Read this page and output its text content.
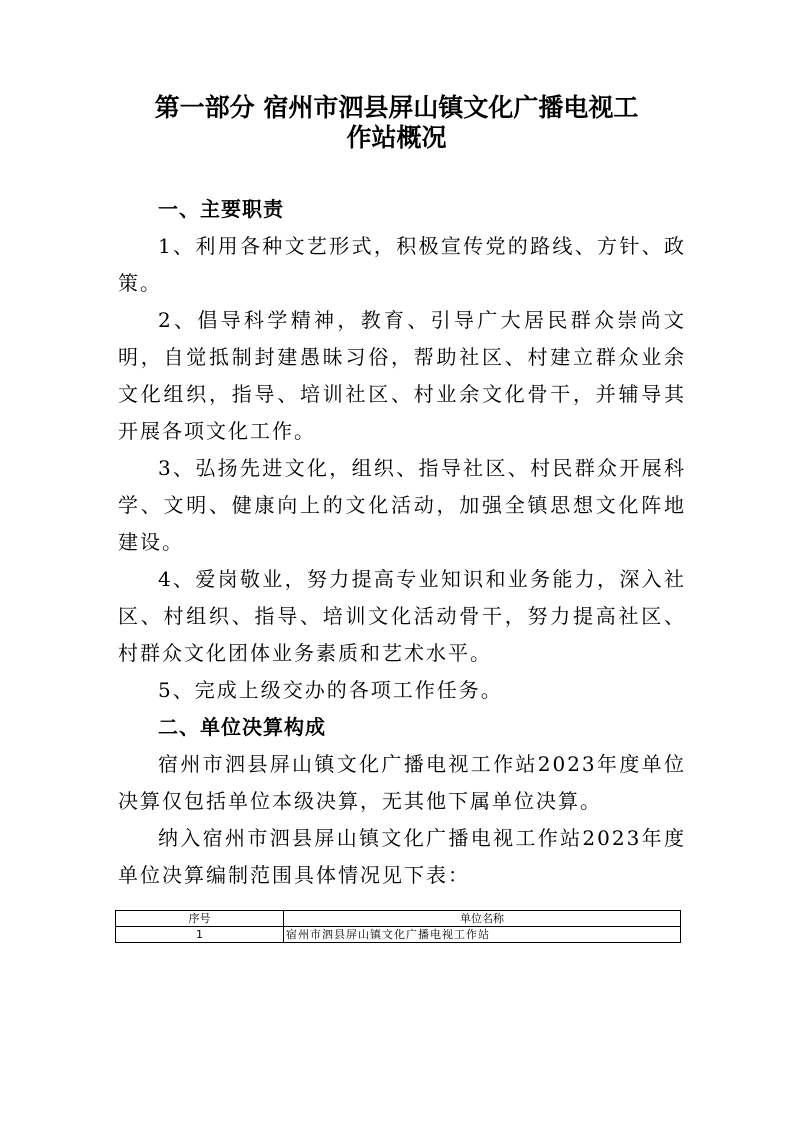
第一部分 宿州市泗县屏山镇文化广播电视工
作站概况

一、主要职责

1、利用各种文艺形式，积极宣传党的路线、方针、政策。

2、倡导科学精神，教育、引导广大居民群众崇尚文明，自觉抵制封建愚昧习俗，帮助社区、村建立群众业余文化组织，指导、培训社区、村业余文化骨干，并辅导其开展各项文化工作。

3、弘扬先进文化，组织、指导社区、村民群众开展科学、文明、健康向上的文化活动，加强全镇思想文化阵地建设。

4、爱岗敬业，努力提高专业知识和业务能力，深入社区、村组织、指导、培训文化活动骨干，努力提高社区、村群众文化团体业务素质和艺术水平。

5、完成上级交办的各项工作任务。

二、单位决算构成

宿州市泗县屏山镇文化广播电视工作站2023年度单位决算仅包括单位本级决算，无其他下属单位决算。

纳入宿州市泗县屏山镇文化广播电视工作站2023年度单位决算编制范围具体情况见下表：

序号	单位名称
1	宿州市泗县屏山镇文化广播电视工作站
